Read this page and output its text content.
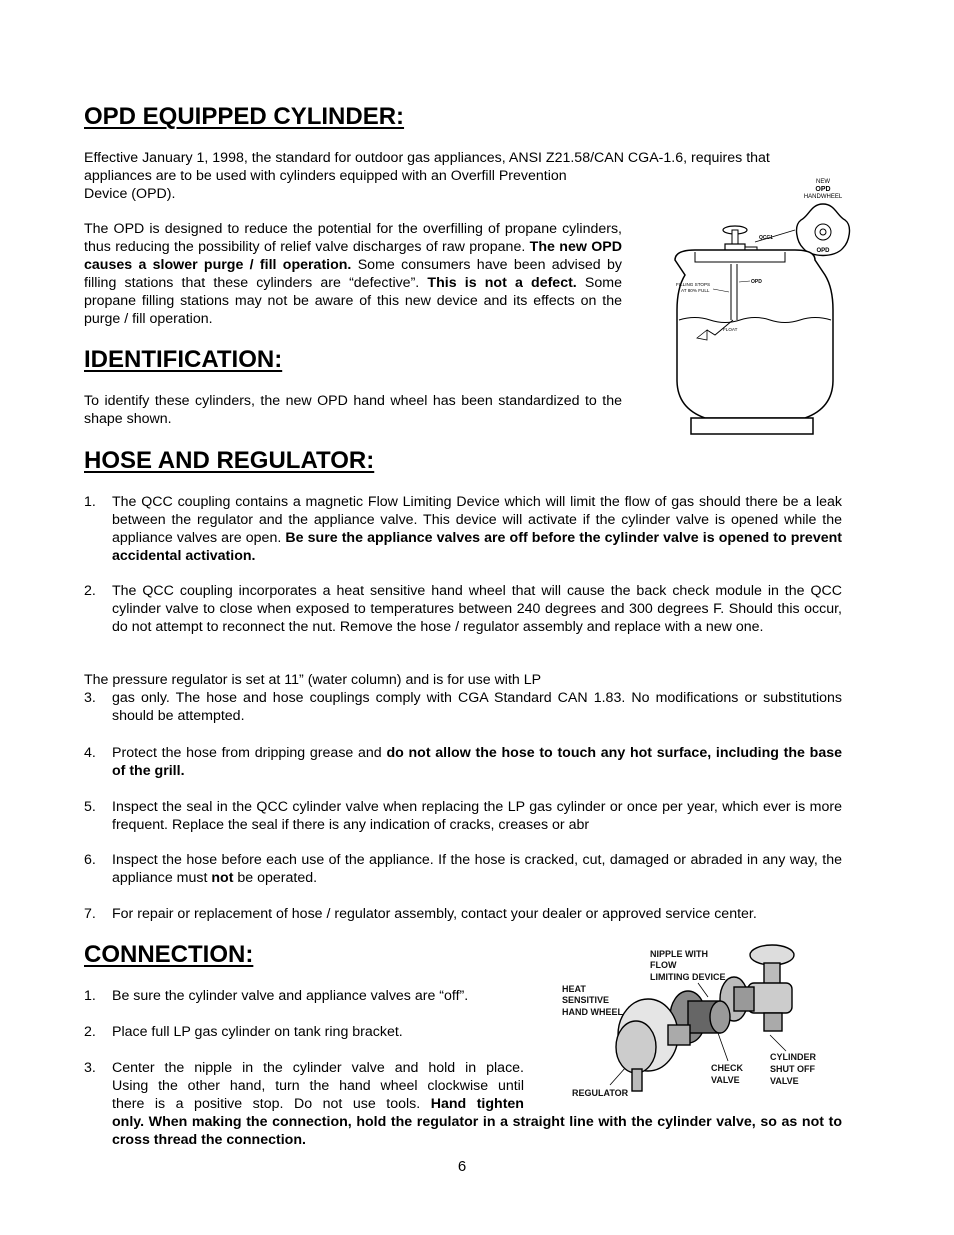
OPD EQUIPPED CYLINDER:

Effective January 1, 1998, the standard for outdoor gas appliances, ANSI Z21.58/CAN CGA-1.6, requires that

appliances are to be used with cylinders equipped with an Overfill Prevention

Device (OPD).

The OPD is designed to reduce the potential for the overfilling of propane cylinders, thus reducing the possibility of relief valve discharges of raw propane. The new OPD causes a slower purge / fill operation. Some consumers have been advised by filling stations that these cylinders are “defective”. This is not a defect. Some propane filling stations may not be aware of this new device and its effects on the purge / fill operation.

NEW
OPD
HANDWHEEL
OPD
QCC1
OPD
FILLING STOPS
AT 80% FULL
FLOAT
IDENTIFICATION:

To identify these cylinders, the new OPD hand wheel has been standardized to the shape shown.

HOSE AND REGULATOR:
1.	The QCC coupling contains a magnetic Flow Limiting Device which will limit the flow of gas should there be a leak between the regulator and the appliance valve. This device will activate if the cylinder valve is opened while the appliance valves are open. Be sure the appliance valves are off before the cylinder valve is opened to prevent accidental activation.
2.	The QCC coupling incorporates a heat sensitive hand wheel that will cause the back check module in the QCC cylinder valve to close when exposed to temperatures between 240 degrees and 300 degrees F. Should this occur, do not attempt to reconnect the nut. Remove the hose / regulator assembly and replace with a new one.

The pressure regulator is set at 11” (water column) and is for use with LP

3.	gas only. The hose and hose couplings comply with CGA Standard CAN 1.83. No modifications or substitutions should be attempted.
4.	Protect the hose from dripping grease and do not allow the hose to touch any hot surface, including the base of the grill.
5.	Inspect the seal in the QCC cylinder valve when replacing the LP gas cylinder or once per year, which ever is more frequent. Replace the seal if there is any indication of cracks, creases or abr
6.	Inspect the hose before each use of the appliance. If the hose is cracked, cut, damaged or abraded in any way, the appliance must not be operated.
7.	For repair or replacement of hose / regulator assembly, contact your dealer or approved service center.
CONNECTION:
1.	Be sure the cylinder valve and appliance valves are “off”.
2.	Place full LP gas cylinder on tank ring bracket.
3.	Center the nipple in the cylinder valve and hold in place.
Using the other hand, turn the hand wheel clockwise until
there is a positive stop. Do not use tools. Hand tighten
only. When making the connection, hold the regulator in a straight line with the cylinder valve, so as not to cross thread the connection.
NIPPLE WITH
FLOW
LIMITING DEVICE
HEAT
SENSITIVE
HAND WHEEL
CHECK
VALVE
CYLINDER
SHUT OFF
VALVE
REGULATOR
6
